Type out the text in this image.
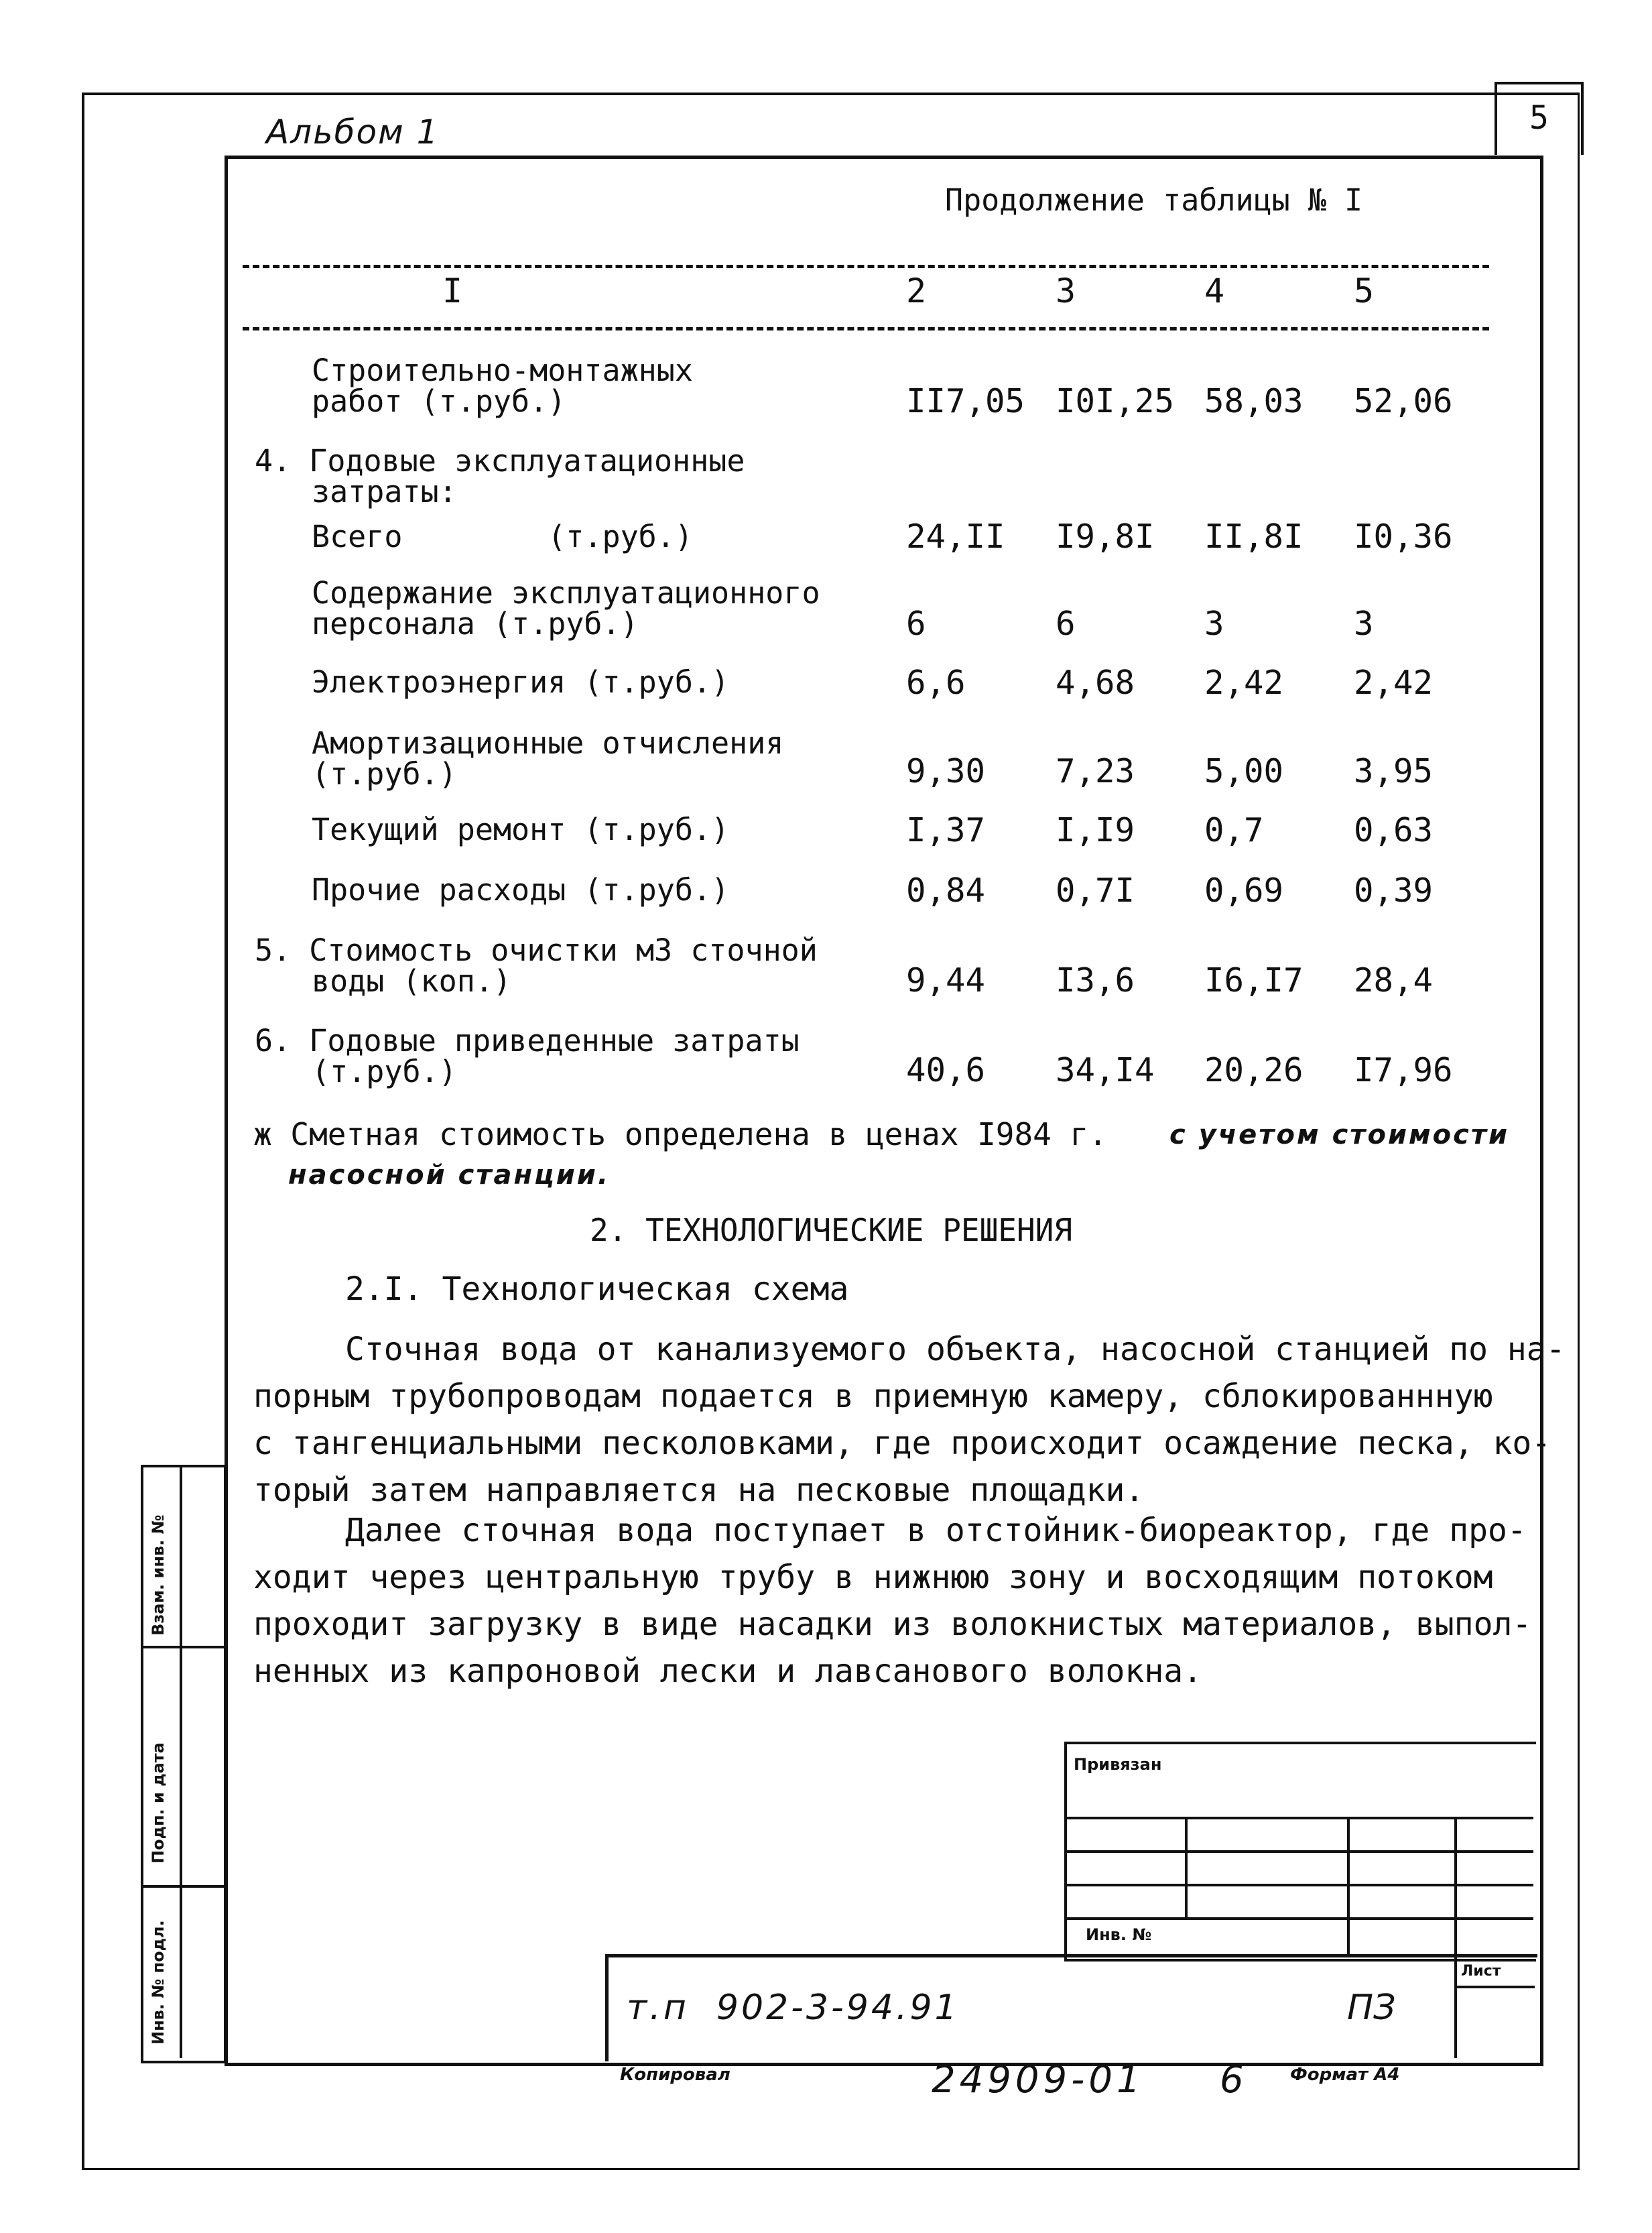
5
Альбом 1
Продолжение таблицы № I
I	2	3	4	5
Строительно-монтажных
работ (т.руб.)	II7,05 I0I,25 58,03 52,06
4. Годовые эксплуатационные
затраты:
Всего        (т.руб.)	24,II I9,8I II,8I I0,36
Содержание эксплуатационного
персонала (т.руб.)	6	6	3	3
Электроэнергия (т.руб.)	6,6	4,68 2,42 2,42
Амортизационные отчисления
(т.руб.)	9,30 7,23 5,00 3,95
Текущий ремонт (т.руб.)	I,37 I,I9 0,7	0,63
Прочие расходы (т.руб.)	0,84 0,7I 0,69 0,39
5. Стоимость очистки м3 сточной
воды (коп.)	9,44 I3,6 I6,I7 28,4
6. Годовые приведенные затраты
(т.руб.)	40,6 34,I4 20,26 I7,96
ж Сметная стоимость определена в ценах I984 г. с учетом стоимости
насосной станции.
2. ТЕХНОЛОГИЧЕСКИЕ РЕШЕНИЯ
2.I. Технологическая схема
Сточная вода от канализуемого объекта, насосной станцией по на-
порным трубопроводам подается в приемную камеру, сблокированнную
с тангенциальными песколовками, где происходит осаждение песка, ко-
торый затем направляется на песковые площадки.
Далее сточная вода поступает в отстойник-биореактор, где про-
ходит через центральную трубу в нижнюю зону и восходящим потоком
проходит загрузку в виде насадки из волокнистых материалов, выпол-
ненных из капроновой лески и лавсанового волокна.
Взам. инв. №
Подп. и дата
Инв. № подл.
Привязан
Инв. №
Лист
т.п  902-3-94.91	ПЗ
Копировал	24909-01 6	Формат А4
